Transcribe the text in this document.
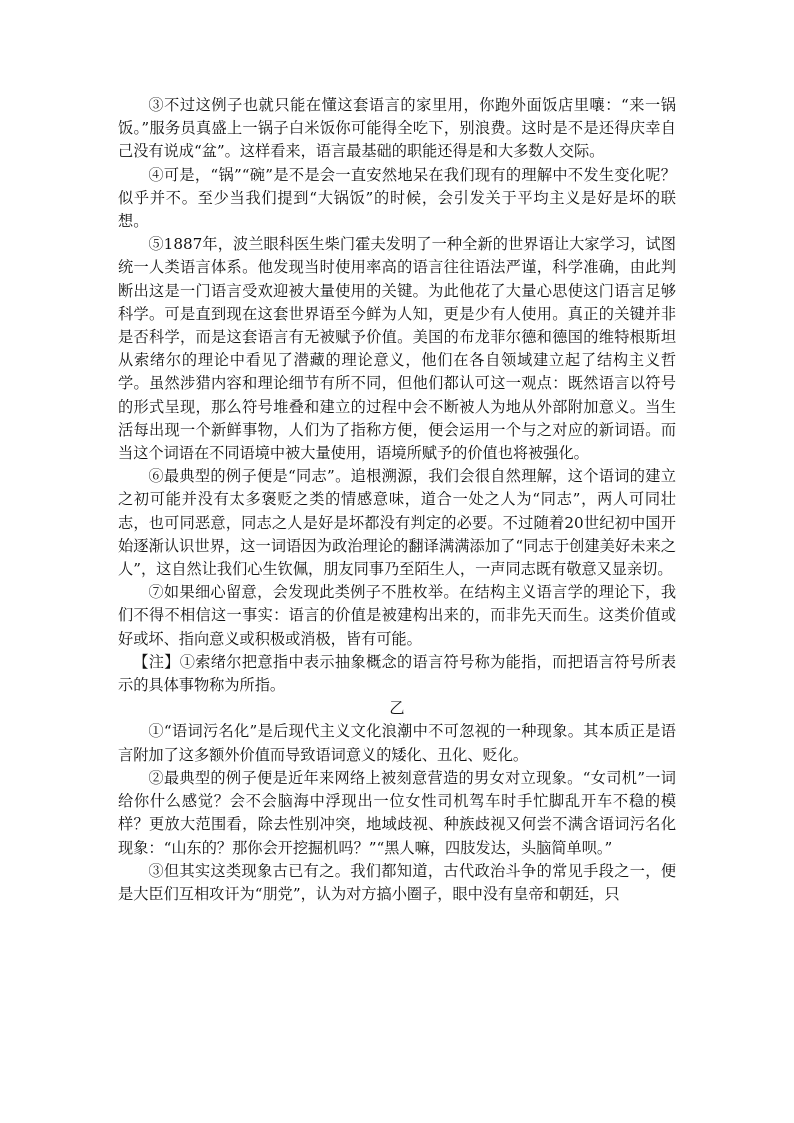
③不过这例子也就只能在懂这套语言的家里用，你跑外面饭店里嚷：“来一锅饭。”服务员真盛上一锅子白米饭你可能得全吃下，别浪费。这时是不是还得庆幸自己没有说成“盆”。这样看来，语言最基础的职能还得是和大多数人交际。

④可是，“锅”“碗”是不是会一直安然地呆在我们现有的理解中不发生变化呢？似乎并不。至少当我们提到“大锅饭”的时候，会引发关于平均主义是好是坏的联想。

⑤1887年，波兰眼科医生柴门霍夫发明了一种全新的世界语让大家学习，试图统一人类语言体系。他发现当时使用率高的语言往往语法严谨，科学准确，由此判断出这是一门语言受欢迎被大量使用的关键。为此他花了大量心思使这门语言足够科学。可是直到现在这套世界语至今鲜为人知，更是少有人使用。真正的关键并非是否科学，而是这套语言有无被赋予价值。美国的布龙菲尔德和德国的维特根斯坦从索绪尔的理论中看见了潜藏的理论意义，他们在各自领域建立起了结构主义哲学。虽然涉猎内容和理论细节有所不同，但他们都认可这一观点：既然语言以符号的形式呈现，那么符号堆叠和建立的过程中会不断被人为地从外部附加意义。当生活每出现一个新鲜事物，人们为了指称方便，便会运用一个与之对应的新词语。而当这个词语在不同语境中被大量使用，语境所赋予的价值也将被强化。

⑥最典型的例子便是“同志”。追根溯源，我们会很自然理解，这个语词的建立之初可能并没有太多褒贬之类的情感意味，道合一处之人为“同志”，两人可同壮志，也可同恶意，同志之人是好是坏都没有判定的必要。不过随着20世纪初中国开始逐渐认识世界，这一词语因为政治理论的翻译满满添加了“同志于创建美好未来之人”，这自然让我们心生钦佩，朋友同事乃至陌生人，一声同志既有敬意又显亲切。

⑦如果细心留意，会发现此类例子不胜枚举。在结构主义语言学的理论下，我们不得不相信这一事实：语言的价值是被建构出来的，而非先天而生。这类价值或好或坏、指向意义或积极或消极，皆有可能。

【注】①索绪尔把意指中表示抽象概念的语言符号称为能指，而把语言符号所表示的具体事物称为所指。

乙

①“语词污名化”是后现代主义文化浪潮中不可忽视的一种现象。其本质正是语言附加了这多额外价值而导致语词意义的矮化、丑化、贬化。

②最典型的例子便是近年来网络上被刻意营造的男女对立现象。“女司机”一词给你什么感觉？会不会脑海中浮现出一位女性司机驾车时手忙脚乱开车不稳的模样？更放大范围看，除去性别冲突，地域歧视、种族歧视又何尝不满含语词污名化现象：“山东的？那你会开挖掘机吗？”“黑人嘛，四肢发达，头脑简单呗。”

③但其实这类现象古已有之。我们都知道，古代政治斗争的常见手段之一，便是大臣们互相攻讦为“朋党”，认为对方搞小圈子，眼中没有皇帝和朝廷，只
